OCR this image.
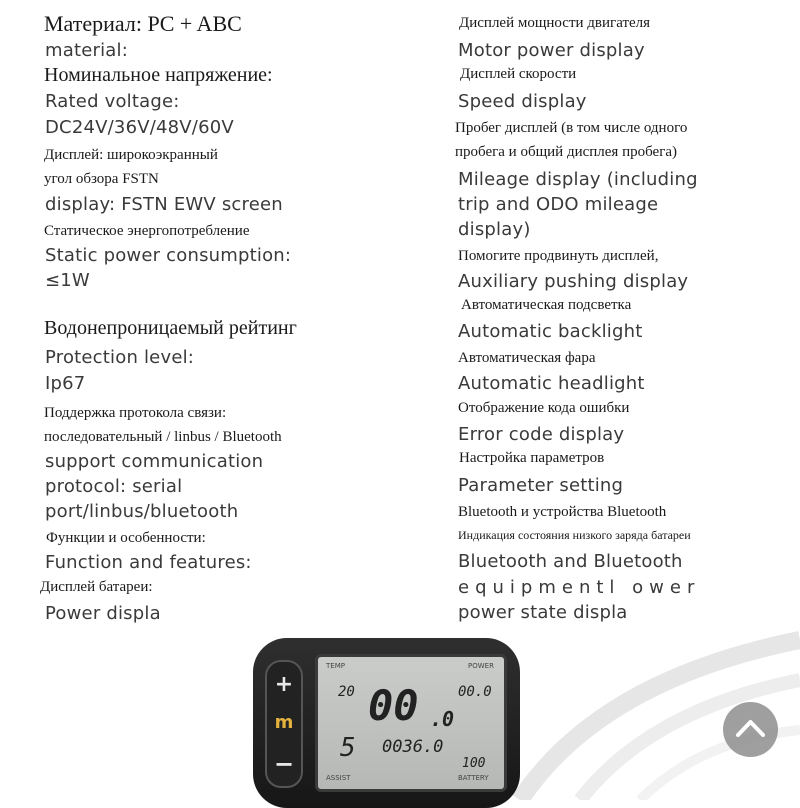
Материал: PC + ABC
material:
Номинальное напряжение:
Rated voltage:
DC24V/36V/48V/60V
Дисплей: широкоэкранный
угол обзора FSTN
display: FSTN EWV screen
Статическое энергопотребление
Static power consumption:
≤1W
Водонепроницаемый рейтинг
Protection level:
Ip67
Поддержка протокола связи:
последовательный / linbus / Bluetooth
support communication
protocol: serial
port/linbus/bluetooth
Функции и особенности:
Function and features:
Дисплей батареи:
Power displa
Дисплей мощности двигателя
Motor power display
Дисплей скорости
Speed display
Пробег дисплей (в том числе одного
пробега и общий дисплея пробега)
Mileage display (including
trip and ODO mileage
display)
Помогите продвинуть дисплей,
Auxiliary pushing display
Автоматическая подсветка
Automatic backlight
Автоматическая фара
Automatic headlight
Отображение кода ошибки
Error code display
Настройка параметров
Parameter setting
Bluetooth и устройства Bluetooth
Индикация состояния низкого заряда батареи
Bluetooth and Bluetooth
equipmentl ower
power state displa
+
m
−
TEMP	POWER
20	00.0
00 .0
0036.0
5
100
ASSIST	BATTERY
